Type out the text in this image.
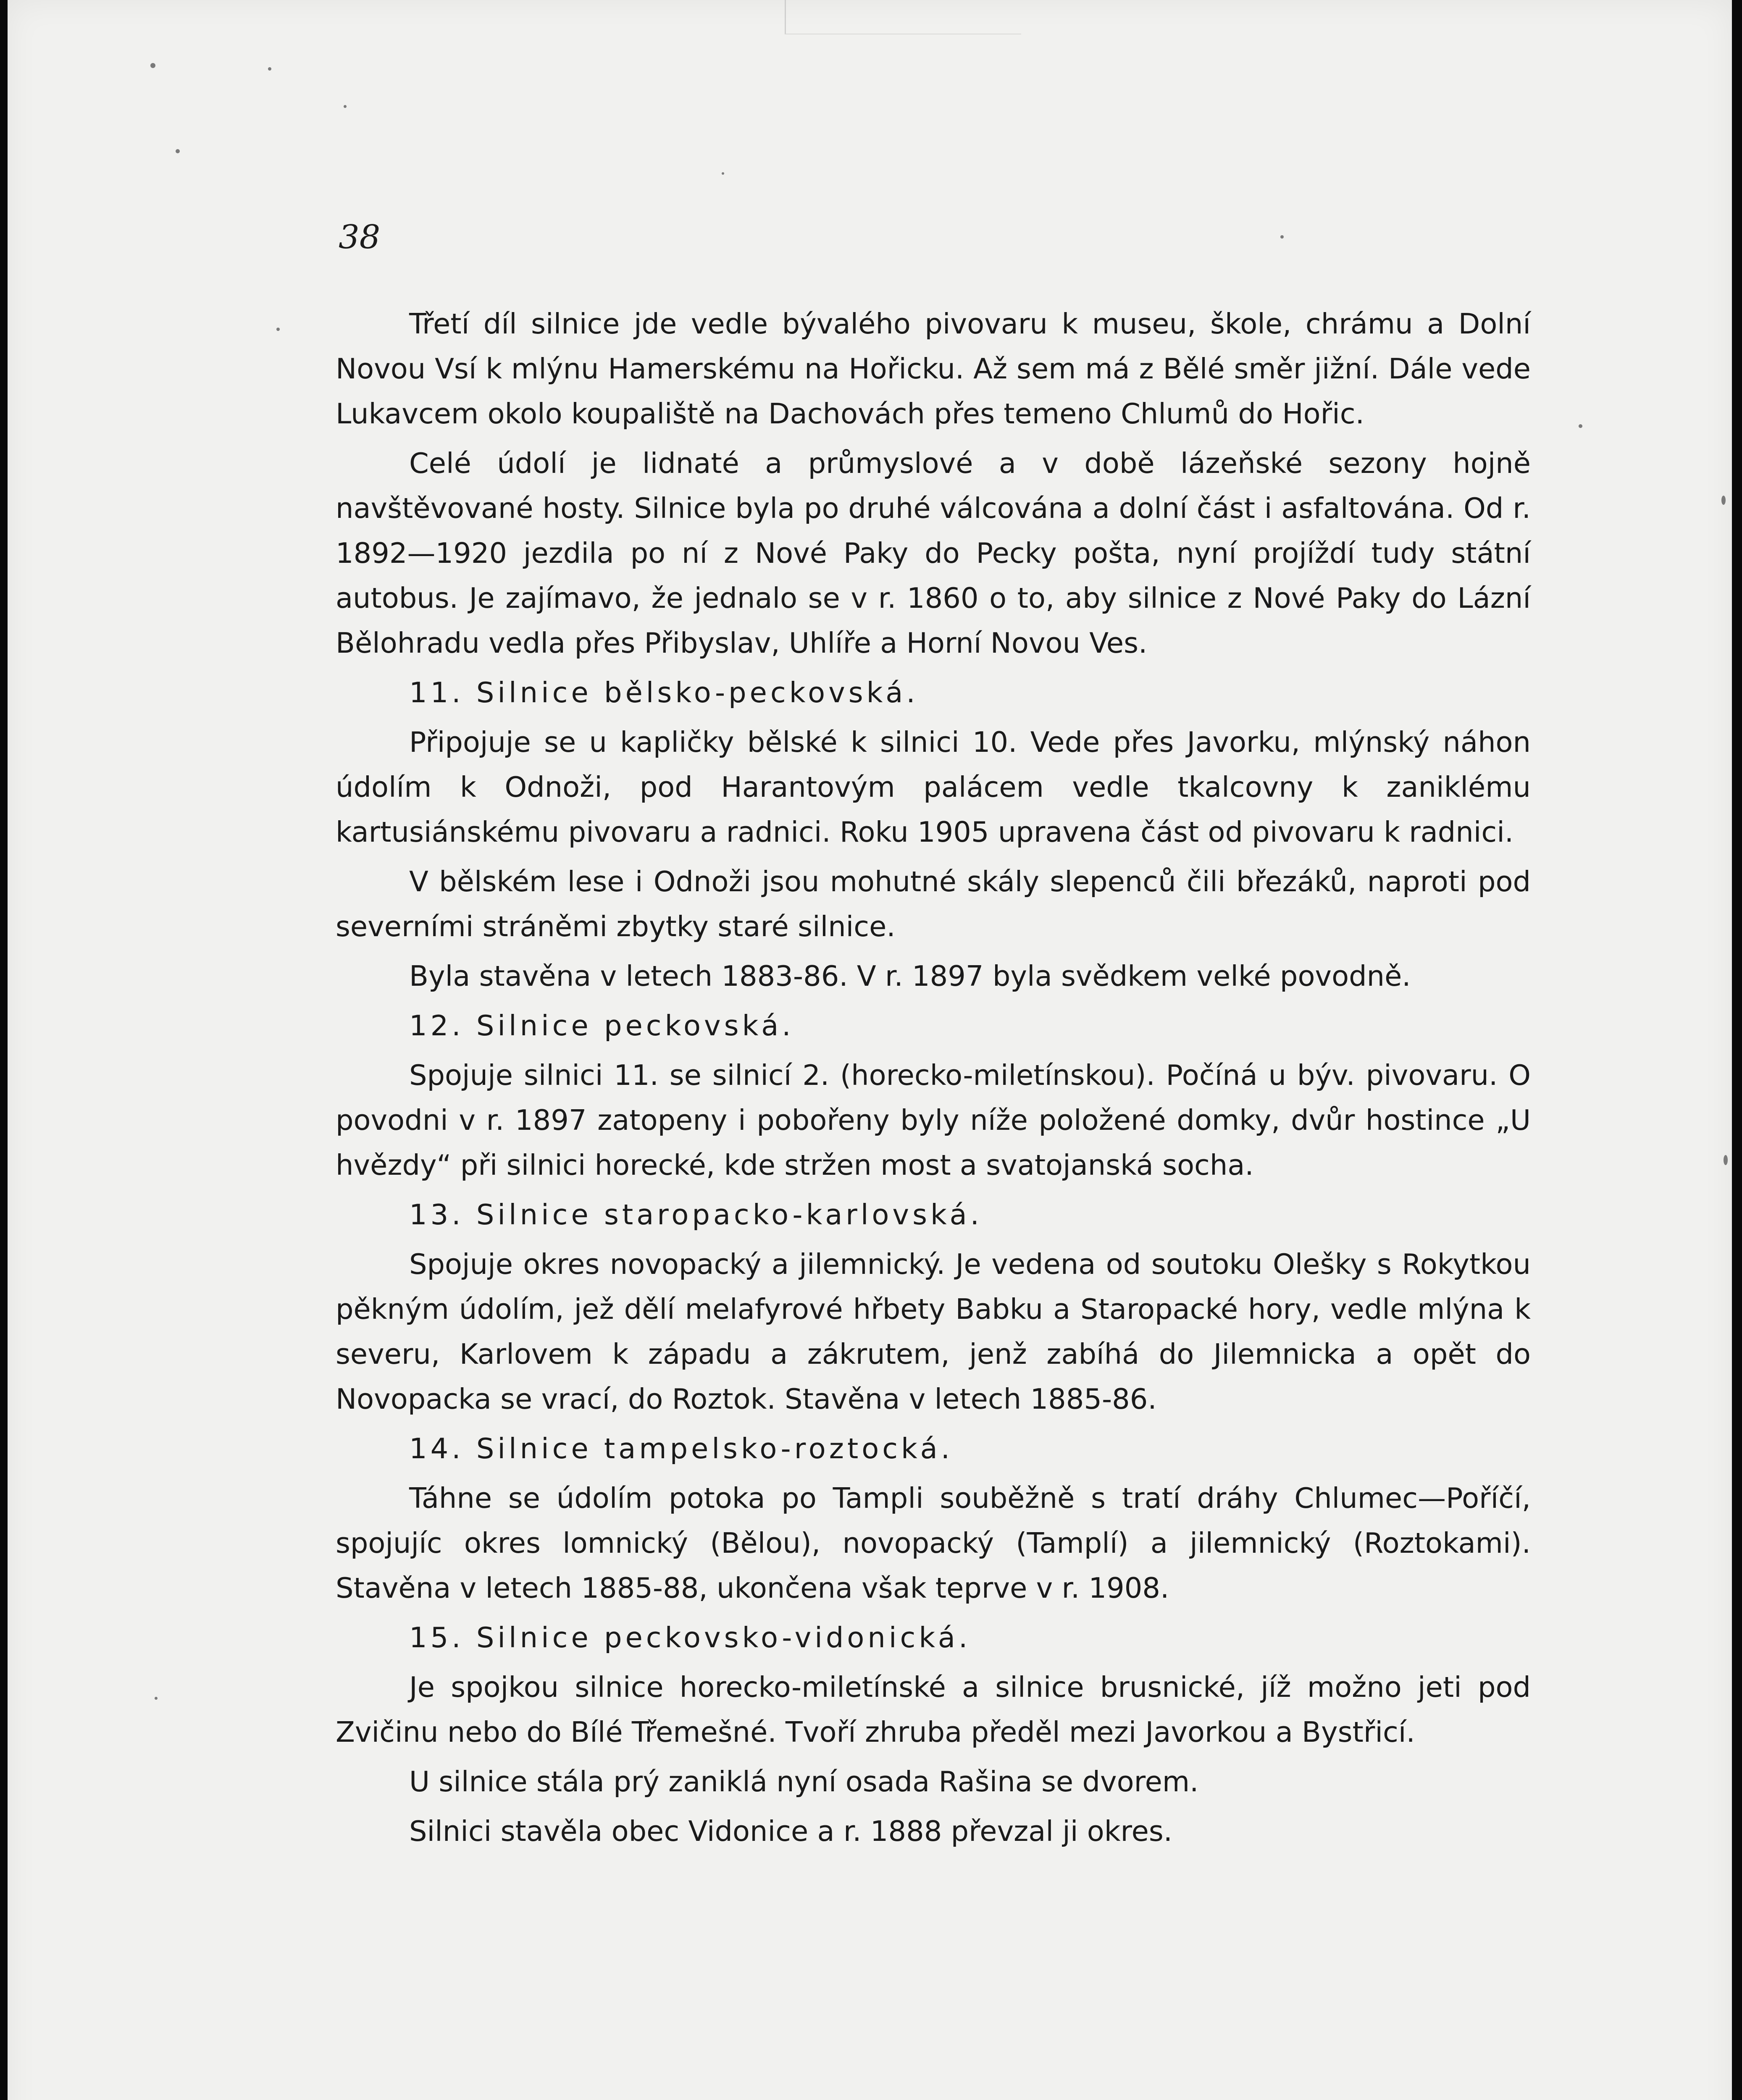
38

Třetí díl silnice jde vedle bývalého pivovaru k museu, škole, chrámu a Dolní Novou Vsí k mlýnu Hamerskému na Hořicku. Až sem má z Bělé směr jižní. Dále vede Lukavcem okolo koupaliště na Dachovách přes temeno Chlumů do Hořic.

Celé údolí je lidnaté a průmyslové a v době lázeňské sezony hojně navštěvované hosty. Silnice byla po druhé válcována a dolní část i asfaltována. Od r. 1892—1920 jezdila po ní z Nové Paky do Pecky pošta, nyní projíždí tudy státní autobus. Je zajímavo, že jednalo se v r. 1860 o to, aby silnice z Nové Paky do Lázní Bělohradu vedla přes Přibyslav, Uhlíře a Horní Novou Ves.

11. Silnice bělsko-peckovská.

Připojuje se u kapličky bělské k silnici 10. Vede přes Javorku, mlýnský náhon údolím k Odnoži, pod Harantovým palácem vedle tkalcovny k zaniklému kartusiánskému pivovaru a radnici. Roku 1905 upravena část od pivovaru k radnici.

V bělském lese i Odnoži jsou mohutné skály slepenců čili březáků, naproti pod severními stráněmi zbytky staré silnice.

Byla stavěna v letech 1883-86. V r. 1897 byla svědkem velké povodně.

12. Silnice peckovská.

Spojuje silnici 11. se silnicí 2. (horecko-miletínskou). Počíná u býv. pivovaru. O povodni v r. 1897 zatopeny i pobořeny byly níže položené domky, dvůr hostince „U hvězdy“ při silnici horecké, kde stržen most a svatojanská socha.

13. Silnice staropacko-karlovská.

Spojuje okres novopacký a jilemnický. Je vedena od soutoku Olešky s Rokytkou pěkným údolím, jež dělí melafyrové hřbety Babku a Staropacké hory, vedle mlýna k severu, Karlovem k západu a zákrutem, jenž zabíhá do Jilemnicka a opět do Novopacka se vrací, do Roztok. Stavěna v letech 1885-86.

14. Silnice tampelsko-roztocká.

Táhne se údolím potoka po Tampli souběžně s tratí dráhy Chlumec—Poříčí, spojujíc okres lomnický (Bělou), novopacký (Tamplí) a jilemnický (Roztokami). Stavěna v letech 1885-88, ukončena však teprve v r. 1908.

15. Silnice peckovsko-vidonická.

Je spojkou silnice horecko-miletínské a silnice brusnické, jíž možno jeti pod Zvičinu nebo do Bílé Třemešné. Tvoří zhruba předěl mezi Javorkou a Bystřicí.

U silnice stála prý zaniklá nyní osada Rašina se dvorem.

Silnici stavěla obec Vidonice a r. 1888 převzal ji okres.
